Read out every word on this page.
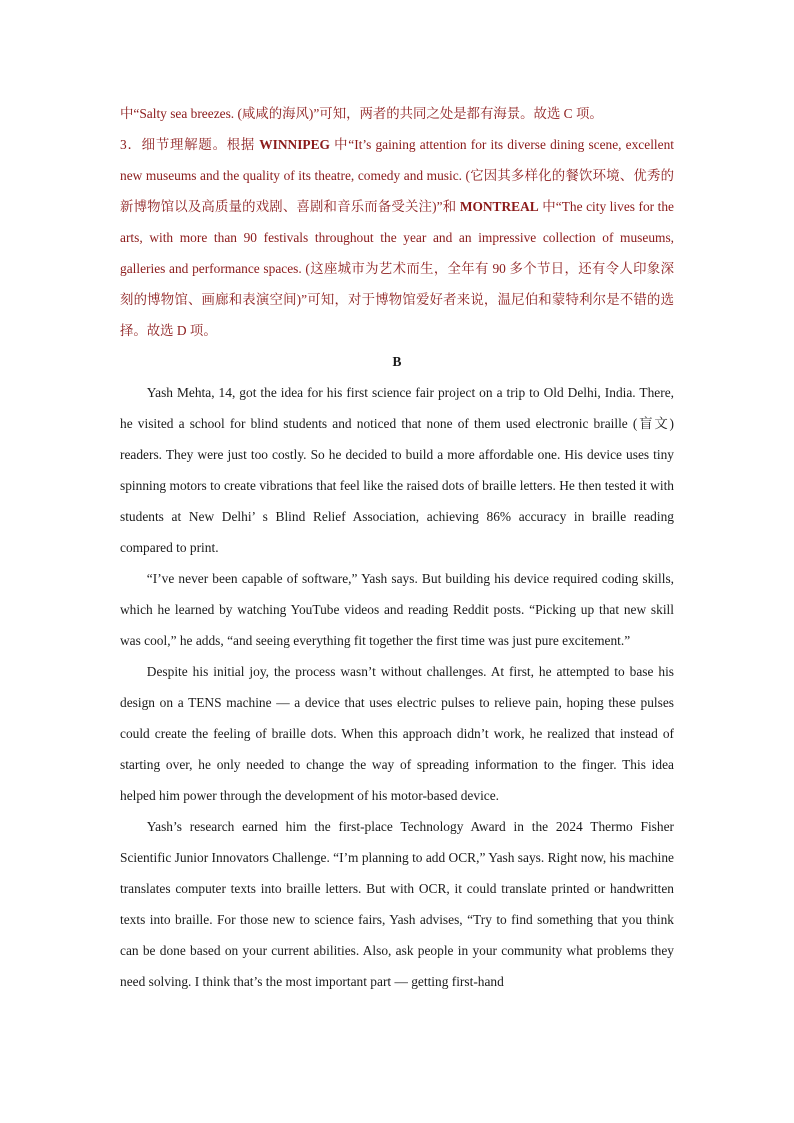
中“Salty sea breezes. (咸咸的海风)”可知，两者的共同之处是都有海景。故选 C 项。

3．细节理解题。根据 WINNIPEG 中“It’s gaining attention for its diverse dining scene, excellent new museums and the quality of its theatre, comedy and music. (它因其多样化的餐饮环境、优秀的新博物馆以及高质量的戏剧、喜剧和音乐而备受关注)”和 MONTREAL 中“The city lives for the arts, with more than 90 festivals throughout the year and an impressive collection of museums, galleries and performance spaces. (这座城市为艺术而生，全年有 90 多个节日，还有令人印象深刻的博物馆、画廊和表演空间)”可知，对于博物馆爱好者来说，温尼伯和蒙特利尔是不错的选择。故选 D 项。

B

Yash Mehta, 14, got the idea for his first science fair project on a trip to Old Delhi, India. There, he visited a school for blind students and noticed that none of them used electronic braille (盲文) readers. They were just too costly. So he decided to build a more affordable one. His device uses tiny spinning motors to create vibrations that feel like the raised dots of braille letters. He then tested it with students at New Delhi’ s Blind Relief Association, achieving 86% accuracy in braille reading compared to print.

“I’ve never been capable of software,” Yash says. But building his device required coding skills, which he learned by watching YouTube videos and reading Reddit posts. “Picking up that new skill was cool,” he adds, “and seeing everything fit together the first time was just pure excitement.”

Despite his initial joy, the process wasn’t without challenges. At first, he attempted to base his design on a TENS machine — a device that uses electric pulses to relieve pain, hoping these pulses could create the feeling of braille dots. When this approach didn’t work, he realized that instead of starting over, he only needed to change the way of spreading information to the finger. This idea helped him power through the development of his motor-based device.

Yash’s research earned him the first-place Technology Award in the 2024 Thermo Fisher Scientific Junior Innovators Challenge. “I’m planning to add OCR,” Yash says. Right now, his machine translates computer texts into braille letters. But with OCR, it could translate printed or handwritten texts into braille. For those new to science fairs, Yash advises, “Try to find something that you think can be done based on your current abilities. Also, ask people in your community what problems they need solving. I think that’s the most important part — getting first-hand
